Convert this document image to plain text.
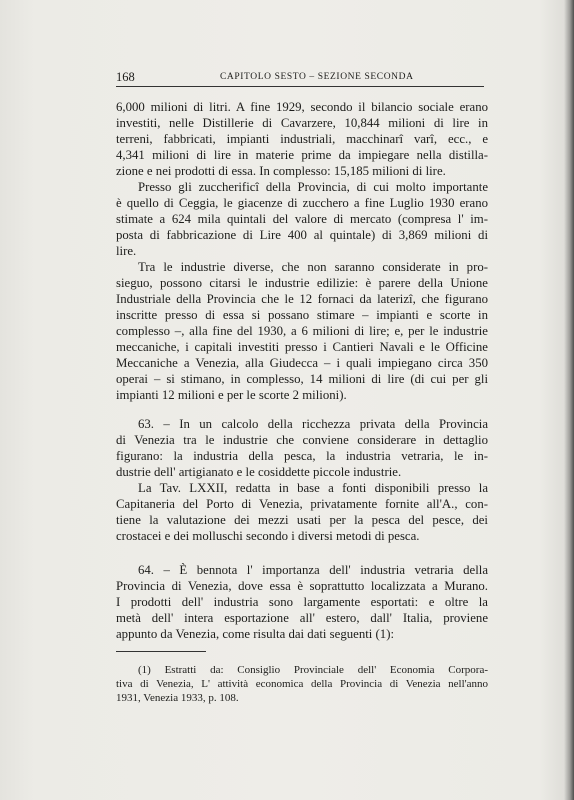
168	CAPITOLO SESTO – SEZIONE SECONDA
6,000 milioni di litri. A fine 1929, secondo il bilancio sociale erano
investiti, nelle Distillerie di Cavarzere, 10,844 milioni di lire in
terreni, fabbricati, impianti industriali, macchinarî varî, ecc., e
4,341 milioni di lire in materie prime da impiegare nella distilla-
zione e nei prodotti di essa. In complesso: 15,185 milioni di lire.
Presso gli zuccherificî della Provincia, di cui molto importante
è quello di Ceggia, le giacenze di zucchero a fine Luglio 1930 erano
stimate a 624 mila quintali del valore di mercato (compresa l' im-
posta di fabbricazione di Lire 400 al quintale) di 3,869 milioni di
lire.
Tra le industrie diverse, che non saranno considerate in pro-
sieguo, possono citarsi le industrie edilizie: è parere della Unione
Industriale della Provincia che le 12 fornaci da laterizî, che figurano
inscritte presso di essa si possano stimare – impianti e scorte in
complesso –, alla fine del 1930, a 6 milioni di lire; e, per le industrie
meccaniche, i capitali investiti presso i Cantieri Navali e le Officine
Meccaniche a Venezia, alla Giudecca – i quali impiegano circa 350
operai – si stimano, in complesso, 14 milioni di lire (di cui per gli
impianti 12 milioni e per le scorte 2 milioni).
63. – In un calcolo della ricchezza privata della Provincia
di Venezia tra le industrie che conviene considerare in dettaglio
figurano: la industria della pesca, la industria vetraria, le in-
dustrie dell' artigianato e le cosiddette piccole industrie.
La Tav. LXXII, redatta in base a fonti disponibili presso la
Capitaneria del Porto di Venezia, privatamente fornite all'A., con-
tiene la valutazione dei mezzi usati per la pesca del pesce, dei
crostacei e dei molluschi secondo i diversi metodi di pesca.
64. – È bennota l' importanza dell' industria vetraria della
Provincia di Venezia, dove essa è soprattutto localizzata a Murano.
I prodotti dell' industria sono largamente esportati: e oltre la
metà dell' intera esportazione all' estero, dall' Italia, proviene
appunto da Venezia, come risulta dai dati seguenti (1):
(1) Estratti da: Consiglio Provinciale dell' Economia Corpora-
tiva di Venezia, L' attività economica della Provincia di Venezia nell'anno
1931, Venezia 1933, p. 108.
